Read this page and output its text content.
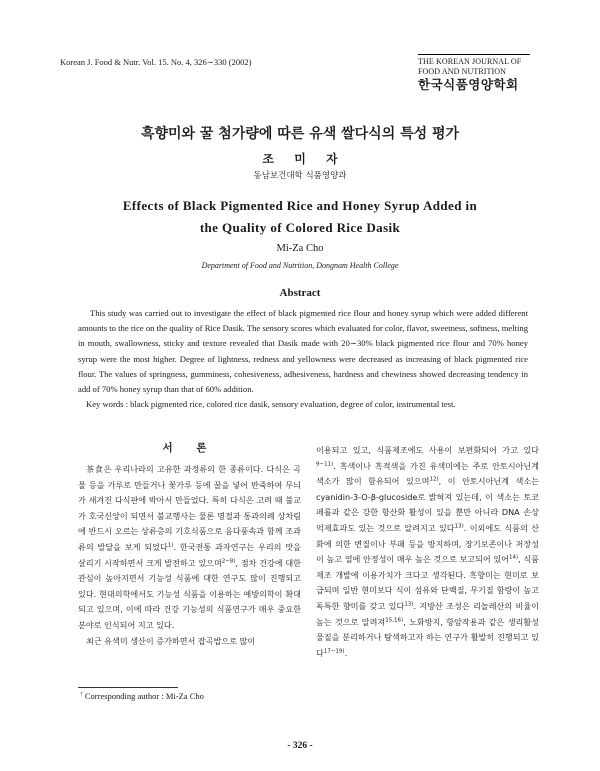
Korean J. Food & Nutr. Vol. 15. No. 4, 326∼330 (2002)	THE KOREAN JOURNAL OF
FOOD AND NUTRITION
한국식품영양학회
흑향미와 꿀 첨가량에 따른 유색 쌀다식의 특성 평가
조 미 자
동남보건대학 식품영양과
Effects of Black Pigmented Rice and Honey Syrup Added in
the Quality of Colored Rice Dasik
Mi-Za Cho
Department of Food and Nutrition, Dongnam Health College
Abstract
This study was carried out to investigate the effect of black pigmented rice flour and honey syrup which were added different amounts to the rice on the quality of Rice Dasik. The sensory scores which evaluated for color, flavor, sweetness, softness, melting in mouth, swallowness, sticky and texture revealed that Dasik made with 20∼30% black pigmented rice flour and 70% honey syrup were the most higher. Degree of lightness, redness and yellowness were decreased as increasing of black pigmented rice flour. The values of springness, gumminess, cohesiveness, adhesiveness, hardness and chewiness showed decreasing tendency in add of 70% honey syrup than that of 60% addition.
Key words : black pigmented rice, colored rice dasik, sensory evaluation, degree of color, instrumental test.
서 론
茶食은 우리나라의 고유한 과정류의 한 종류이다. 다식은 곡물 등을 가루로 만들거나 꽃가루 등에 꿀을 넣어 반죽하여 무늬가 새겨진 다식판에 박아서 만들었다. 특히 다식은 고려 때 불교가 호국신앙이 되면서 불교행사는 물론 명절과 통과의례 상차림에 반드시 오르는 상류층의 기호식품으로 음다풍속과 함께 조과류의 발달을 보게 되었다$^{1)}$. 한국전통 과자연구는 우리의 맛을 살리기 시작하면서 크게 발전하고 있으며$^{2\sim 8)}$, 점차 건강에 대한 관심이 높아지면서 기능성 식품에 대한 연구도 많이 진행되고 있다. 현대의학에서도 기능성 식품을 이용하는 예방의학이 확대되고 있으며, 이에 따라 건강 기능성의 식품연구가 매우 중요한 분야로 인식되어 지고 있다.
최근 유색미 생산이 증가하면서 잡곡밥으로 많이
이용되고 있고, 식품제조에도 사용이 보편화되어 가고 있다$^{9\sim 11)}$. 흑색이나 흑적색을 가진 유색미에는 주로 안토시아닌계 색소가 많이 함유되어 있으며$^{12)}$, 이 안토시아닌계 색소는 cyanidin-3-O-β-glucoside로 밝혀져 있는데, 이 색소는 토코페롤과 같은 강한 항산화 활성이 있을 뿐만 아니라 DNA 손상 억제효과도 있는 것으로 알려지고 있다$^{13)}$. 이외에도 식품의 산화에 의한 변질이나 부패 등을 방지하며, 장기보존이나 저장성이 높고 열에 안정성이 매우 높은 것으로 보고되어 있어$^{14)}$, 식품제조 개발에 이용가치가 크다고 생각된다. 흑향미는 현미로 보급되며 일반 현미보다 식이 섬유와 단백질, 무기질 함량이 높고 독특한 향미를 갖고 있다$^{13)}$. 지방산 조성은 리놀레산의 비율이 높는 것으로 알려져$^{15,16)}$, 노화방지, 항암작용과 같은 생리활성 물질을 분리하거나 탐색하고자 하는 연구가 활발히 진행되고 있다$^{17\sim 19)}$.
† Corresponding author : Mi-Za Cho
- 326 -
